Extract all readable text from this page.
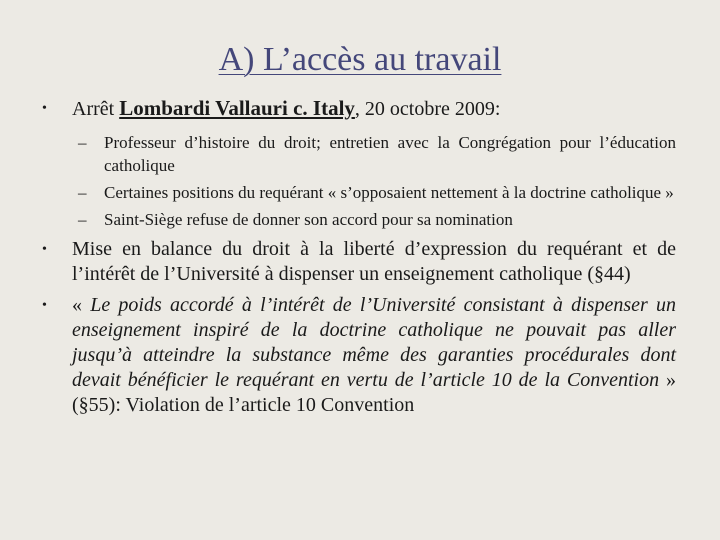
A) L’accès au travail
• Arrêt Lombardi Vallauri c. Italy, 20 octobre 2009:
– Professeur d’histoire du droit; entretien avec la Congrégation pour l’éducation catholique
– Certaines positions du requérant « s’opposaient nettement à la doctrine catholique »
– Saint-Siège refuse de donner son accord pour sa nomination
• Mise en balance du droit à la liberté d’expression du requérant et de l’intérêt de l’Université à dispenser un enseignement catholique (§44)
• « Le poids accordé à l’intérêt de l’Université consistant à dispenser un enseignement inspiré de la doctrine catholique ne pouvait pas aller jusqu’à atteindre la substance même des garanties procédurales dont devait bénéficier le requérant en vertu de l’article 10 de la Convention » (§55): Violation de l’article 10 Convention
